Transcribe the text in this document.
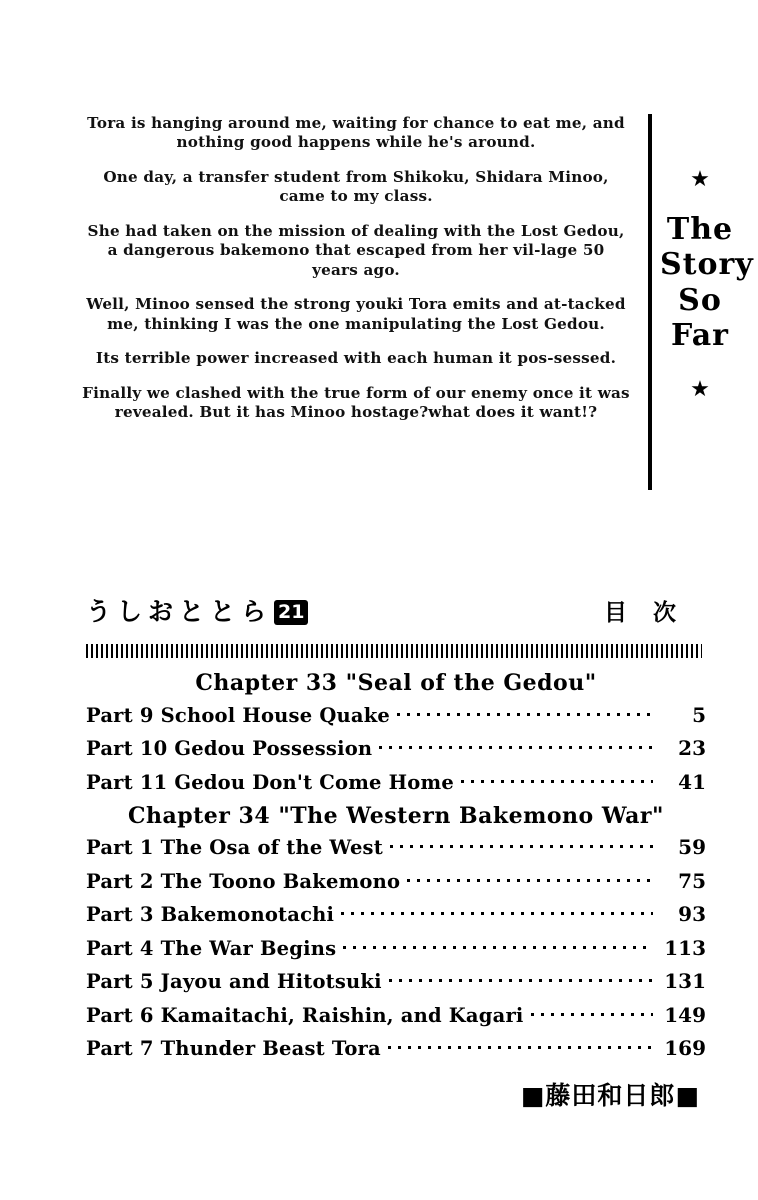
Tora is hanging around me, waiting for chance to eat me, and nothing good happens while he's around.

One day, a transfer student from Shikoku, Shidara Minoo, came to my class.

She had taken on the mission of dealing with the Lost Gedou, a dangerous bakemono that escaped from her vil-lage 50 years ago.

Well, Minoo sensed the strong youki Tora emits and at-tacked me, thinking I was the one manipulating the Lost Gedou.

Its terrible power increased with each human it pos-sessed.

Finally we clashed with the true form of our enemy once it was revealed. But it has Minoo hostage?what does it want!?

★
The
Story
So
Far
★
うしおととら 21	目次
Chapter 33 "Seal of the Gedou"
Part 9 School House Quake	5
Part 10 Gedou Possession	23
Part 11 Gedou Don't Come Home	41
Chapter 34 "The Western Bakemono War"
Part 1 The Osa of the West	59
Part 2 The Toono Bakemono	75
Part 3 Bakemonotachi	93
Part 4 The War Begins	113
Part 5 Jayou and Hitotsuki	131
Part 6 Kamaitachi, Raishin, and Kagari	149
Part 7 Thunder Beast Tora	169
■藤田和日郎■
